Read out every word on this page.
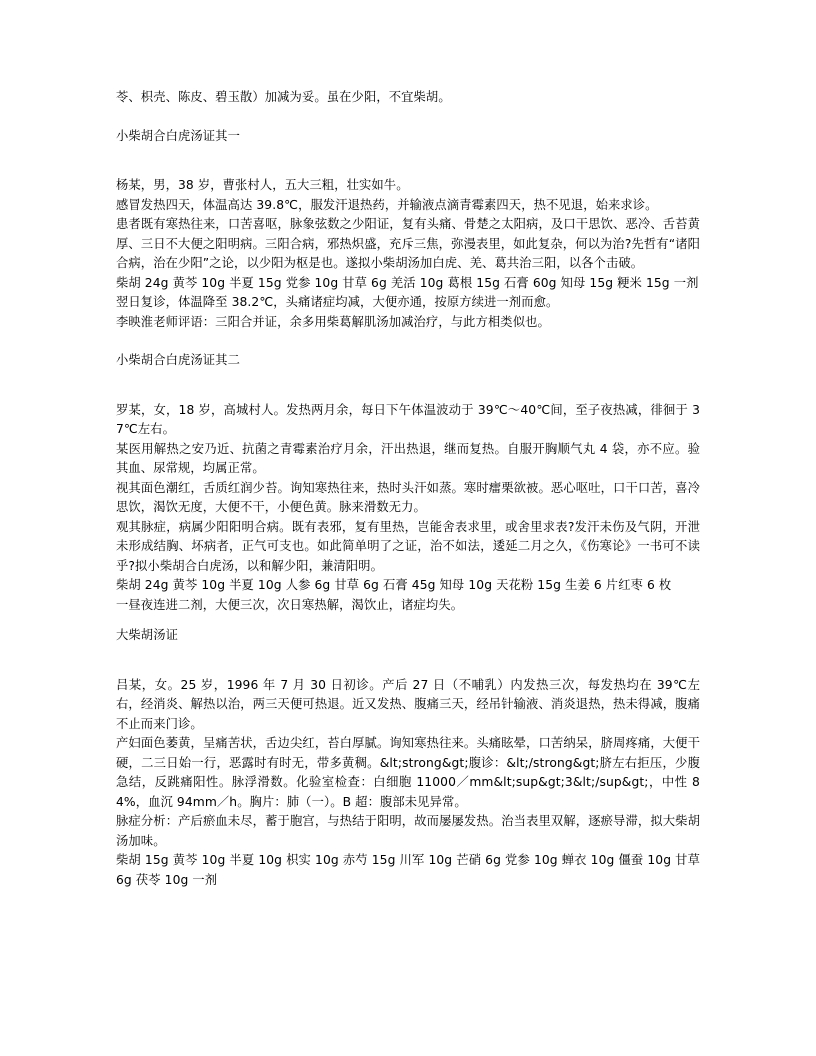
苓、枳壳、陈皮、碧玉散）加减为妥。虽在少阳，不宜柴胡。

小柴胡合白虎汤证其一

杨某，男，38 岁，曹张村人，五大三粗，壮实如牛。

感冒发热四天，体温高达 39.8℃，服发汗退热药，并输液点滴青霉素四天，热不见退，始来求诊。

患者既有寒热往来，口苦喜呕，脉象弦数之少阳证，复有头痛、骨楚之太阳病，及口干思饮、恶冷、舌苔黄厚、三日不大便之阳明病。三阳合病，邪热炽盛，充斥三焦，弥漫表里，如此复杂，何以为治?先哲有“诸阳合病，治在少阳”之论，以少阳为枢是也。遂拟小柴胡汤加白虎、羌、葛共治三阳，以各个击破。

柴胡 24g 黄芩 10g 半夏 15g 党参 10g 甘草 6g 羌活 10g 葛根 15g 石膏 60g 知母 15g 粳米 15g 一剂

翌日复诊，体温降至 38.2℃，头痛诸症均减，大便亦通，按原方续进一剂而愈。

李映淮老师评语：三阳合并证，余多用柴葛解肌汤加减治疗，与此方相类似也。

小柴胡合白虎汤证其二

罗某，女，18 岁，高城村人。发热两月余，每日下午体温波动于 39℃～40℃间，至子夜热减，徘徊于 37℃左右。

某医用解热之安乃近、抗菌之青霉素治疗月余，汗出热退，继而复热。自服开胸顺气丸 4 袋，亦不应。验其血、尿常规，均属正常。

视其面色潮红，舌质红润少苔。询知寒热往来，热时头汗如蒸。寒时癗栗欲被。恶心呕吐，口干口苦，喜冷思饮，渴饮无度，大便不干，小便色黄。脉来滑数无力。

观其脉症，病属少阳阳明合病。既有表邪，复有里热，岂能舍表求里，或舍里求表?发汗未伤及气阴，开泄未形成结胸、坏病者，正气可支也。如此简单明了之证，治不如法，逶延二月之久，《伤寒论》一书可不读乎?拟小柴胡合白虎汤，以和解少阳，兼清阳明。

柴胡 24g 黄芩 10g 半夏 10g 人参 6g 甘草 6g 石膏 45g 知母 10g 天花粉 15g 生姜 6 片红枣 6 枚

一昼夜连进二剂，大便三次，次日寒热解，渴饮止，诸症均失。

大柴胡汤证

吕某，女。25 岁，1996 年 7 月 30 日初诊。产后 27 日（不哺乳）内发热三次，每发热均在 39℃左右，经消炎、解热以治，两三天便可热退。近又发热、腹痛三天，经吊针输液、消炎退热，热未得减，腹痛不止而来门诊。

产妇面色萎黄，呈痛苦状，舌边尖红，苔白厚腻。询知寒热往来。头痛眩晕，口苦纳呆，脐周疼痛，大便干硬，二三日始一行，恶露时有时无，带多黄稠。&lt;strong&gt;腹诊：&lt;/strong&gt;脐左右拒压，少腹急结，反跳痛阳性。脉浮滑数。化验室检查：白细胞 11000／mm&lt;sup&gt;3&lt;/sup&gt;，中性 84%，血沉 94mm／h。胸片：肺（一）。B 超：腹部未见异常。

脉症分析：产后瘀血未尽，蓄于胞宫，与热结于阳明，故而屡屡发热。治当表里双解，逐瘀导滞，拟大柴胡汤加味。

柴胡 15g 黄芩 10g 半夏 10g 枳实 10g 赤芍 15g 川军 10g 芒硝 6g 党参 10g 蝉衣 10g 僵蚕 10g 甘草 6g 茯苓 10g 一剂
